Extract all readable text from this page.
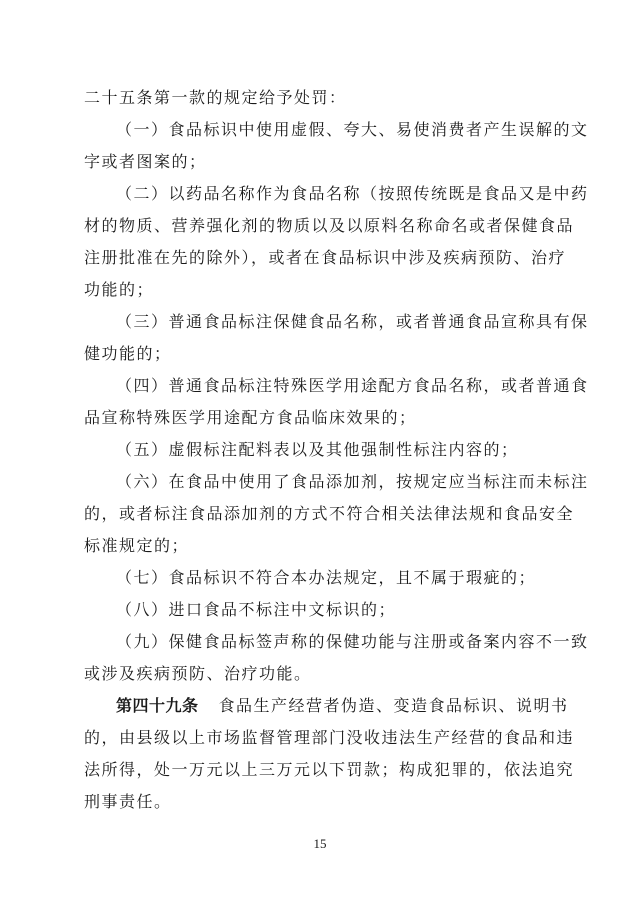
二十五条第一款的规定给予处罚：
（一）食品标识中使用虚假、夸大、易使消费者产生误解的文
字或者图案的；
（二）以药品名称作为食品名称（按照传统既是食品又是中药
材的物质、营养强化剂的物质以及以原料名称命名或者保健食品
注册批准在先的除外），或者在食品标识中涉及疾病预防、治疗
功能的；
（三）普通食品标注保健食品名称，或者普通食品宣称具有保
健功能的；
（四）普通食品标注特殊医学用途配方食品名称，或者普通食
品宣称特殊医学用途配方食品临床效果的；
（五）虚假标注配料表以及其他强制性标注内容的；
（六）在食品中使用了食品添加剂，按规定应当标注而未标注
的，或者标注食品添加剂的方式不符合相关法律法规和食品安全
标准规定的；
（七）食品标识不符合本办法规定，且不属于瑕疵的；
（八）进口食品不标注中文标识的；
（九）保健食品标签声称的保健功能与注册或备案内容不一致
或涉及疾病预防、治疗功能。
第四十九条 食品生产经营者伪造、变造食品标识、说明书
的，由县级以上市场监督管理部门没收违法生产经营的食品和违
法所得，处一万元以上三万元以下罚款；构成犯罪的，依法追究
刑事责任。
15
